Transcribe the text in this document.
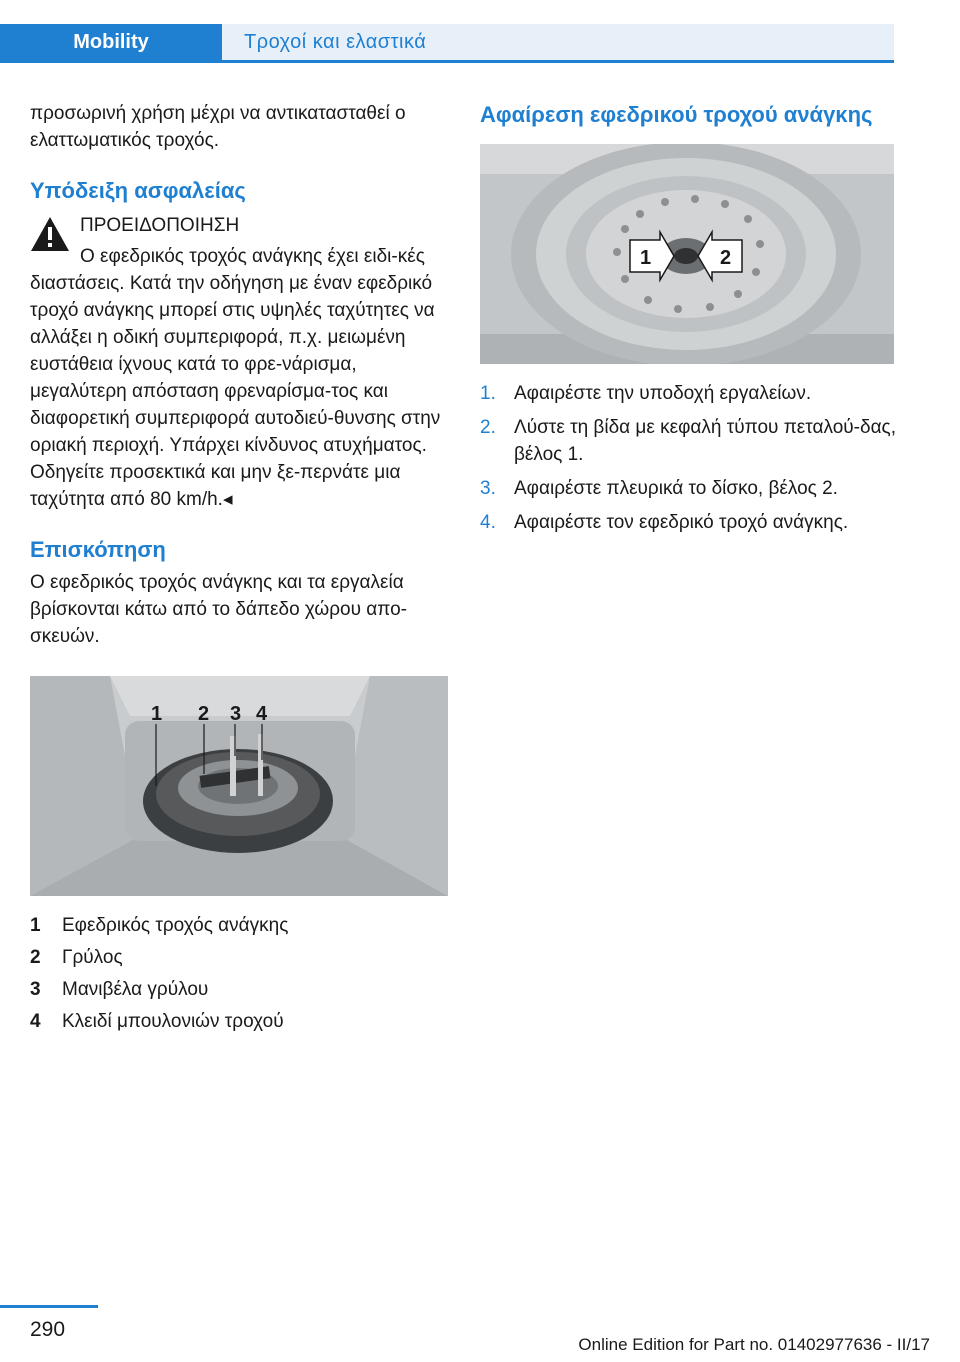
Mobility	Τροχοί και ελαστικά

προσωρινή χρήση μέχρι να αντικατασταθεί ο ελαττωματικός τροχός.

Υπόδειξη ασφαλείας
ΠΡΟΕΙΔΟΠΟΙΗΣΗ
Ο εφεδρικός τροχός ανάγκης έχει ειδι-κές διαστάσεις. Κατά την οδήγηση με έναν εφεδρικό τροχό ανάγκης μπορεί στις υψηλές ταχύτητες να αλλάξει η οδική συμπεριφορά, π.χ. μειωμένη ευστάθεια ίχνους κατά το φρε-νάρισμα, μεγαλύτερη απόσταση φρεναρίσμα-τος και διαφορετική συμπεριφορά αυτοδιεύ-θυνσης στην οριακή περιοχή. Υπάρχει κίνδυνος ατυχήματος. Οδηγείτε προσεκτικά και μην ξε-περνάτε μια ταχύτητα από 80 km/h.◂
Επισκόπηση

Ο εφεδρικός τροχός ανάγκης και τα εργαλεία βρίσκονται κάτω από το δάπεδο χώρου απο-σκευών.

1 2 3 4
1	Εφεδρικός τροχός ανάγκης
2	Γρύλος
3	Μανιβέλα γρύλου
4	Κλειδί μπουλονιών τροχού
Αφαίρεση εφεδρικού τροχού ανάγκης
1	2
1. Αφαιρέστε την υποδοχή εργαλείων.
2. Λύστε τη βίδα με κεφαλή τύπου πεταλού-δας, βέλος 1.
3. Αφαιρέστε πλευρικά το δίσκο, βέλος 2.
4. Αφαιρέστε τον εφεδρικό τροχό ανάγκης.
290
Online Edition for Part no. 01402977636 - II/17
